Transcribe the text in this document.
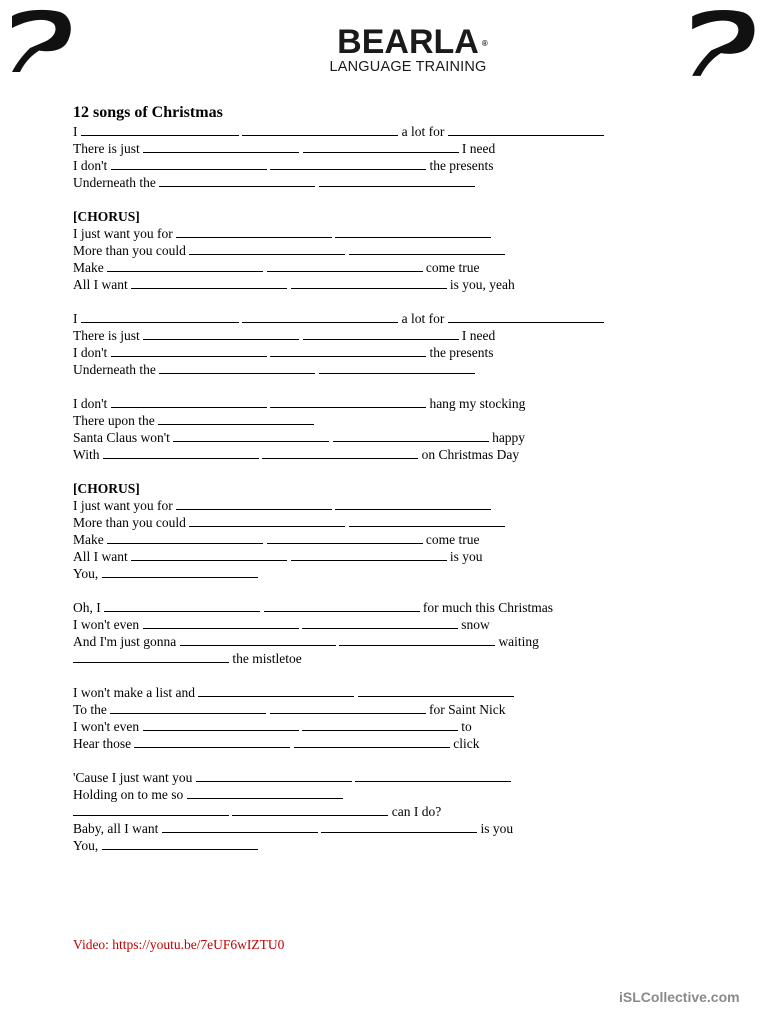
BEARLA ®
LANGUAGE TRAINING
12 songs of Christmas
I	a lot for
There is just	I need
I don't	the presents
Underneath the
[CHORUS]
I just want you for
More than you could
Make	come true
All I want	is you, yeah
I	a lot for
There is just	I need
I don't	the presents
Underneath the
I don't	hang my stocking
There upon the
Santa Claus won't	happy
With	on Christmas Day
[CHORUS]
I just want you for
More than you could
Make	come true
All I want	is you
You,
Oh, I	for much this Christmas
I won't even	snow
And I'm just gonna	waiting
the mistletoe
I won't make a list and
To the	for Saint Nick
I won't even	to
Hear those	click
'Cause I just want you
Holding on to me so
can I do?
Baby, all I want	is you
You,
Video: https://youtu.be/7eUF6wIZTU0
iSLCollective.com
